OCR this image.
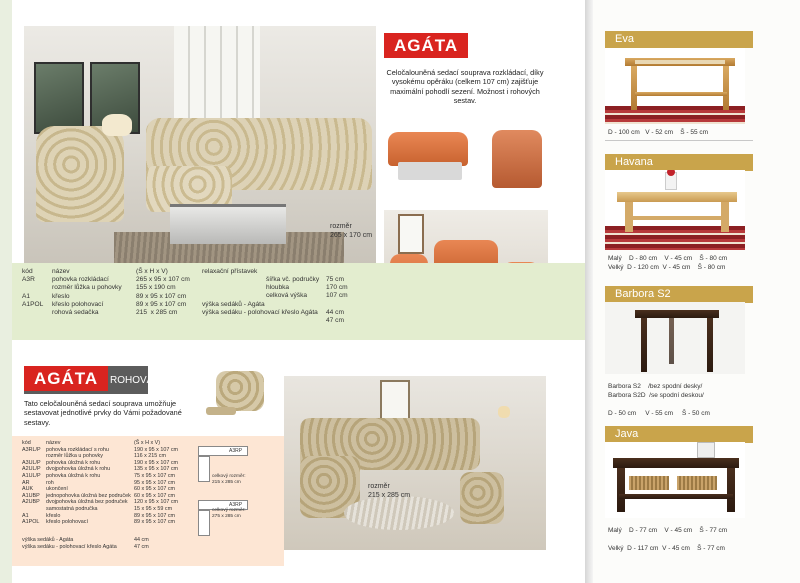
rozměr
265 x 170 cm
AGÁTA
Celočalouněná sedací souprava rozkládací, díky vysokému opěráku (celkem 107 cm) zajišťuje maximální pohodlí sezení. Možnost i rohových sestav.
kód
A3R

A1
A1POL
název
pohovka rozkládací
rozměr lůžka u pohovky
křeslo
křeslo polohovací
rohová sedačka
(Š x H x V)
265 x 95 x 107 cm
155 x 190 cm
89 x 95 x 107 cm
89 x 95 x 107 cm
215  x 285 cm
relaxační přístavek

výška sedáků - Agáta
výška sedáku - polohovací křeslo Agáta
šířka vč. područky
hloubka
celková výška
75 cm
170 cm
107 cm

44 cm
47 cm
AGÁTA	ROHOVÁ
Tato celočalouněná sedací souprava umožňuje sestavovat jednotlivé prvky do Vámi požadované sestavy.
kód
A3RL/P

A3UL/P
A2UL/P
A1UL/P
AR
AUK
A1UBP
A2UBP

A1
A1POL
název
pohovka rozkládací s rohu
rozměr lůžka u pohovky
pohovka úložná k rohu
dvojpohovka úložná k rohu
pohovka úložná k rohu
roh
ukončení
jednopohovka úložná bez područek
dvojpohovka úložná bez područek
samostatná područka
křeslo
křeslo polohovací
(Š x H x V)
190 x 95 x 107 cm
116 x 215 cm
190 x 95 x 107 cm
135 x 95 x 107 cm
75 x 95 x 107 cm
95 x 95 x 107 cm
60 x 95 x 107 cm
60 x 95 x 107 cm
120 x 95 x 107 cm
15 x 95 x 59 cm
89 x 95 x 107 cm
89 x 95 x 107 cm
výška sedáků - Agáta
výška sedáku - polohovací křeslo Agáta
44 cm
47 cm
A3RP
celkový rozměr:
215 x 285 cm
A3RP
celkový rozměr:
275 x 285 cm
rozměr
215 x 285 cm
Eva
D - 100 cm   V - 52 cm    Š - 55 cm
Havana
Malý    D - 80 cm    V - 45 cm    Š - 80 cm
Velký  D - 120 cm  V - 45 cm    Š - 80 cm
Barbora S2
Barbora S2    /bez spodní desky/
Barbora S2D  /se spodní deskou/

D - 50 cm     V - 55 cm     Š - 50 cm
Java
Malý    D - 77 cm    V - 45 cm    Š - 77 cm

Velký  D - 117 cm  V - 45 cm    Š - 77 cm
